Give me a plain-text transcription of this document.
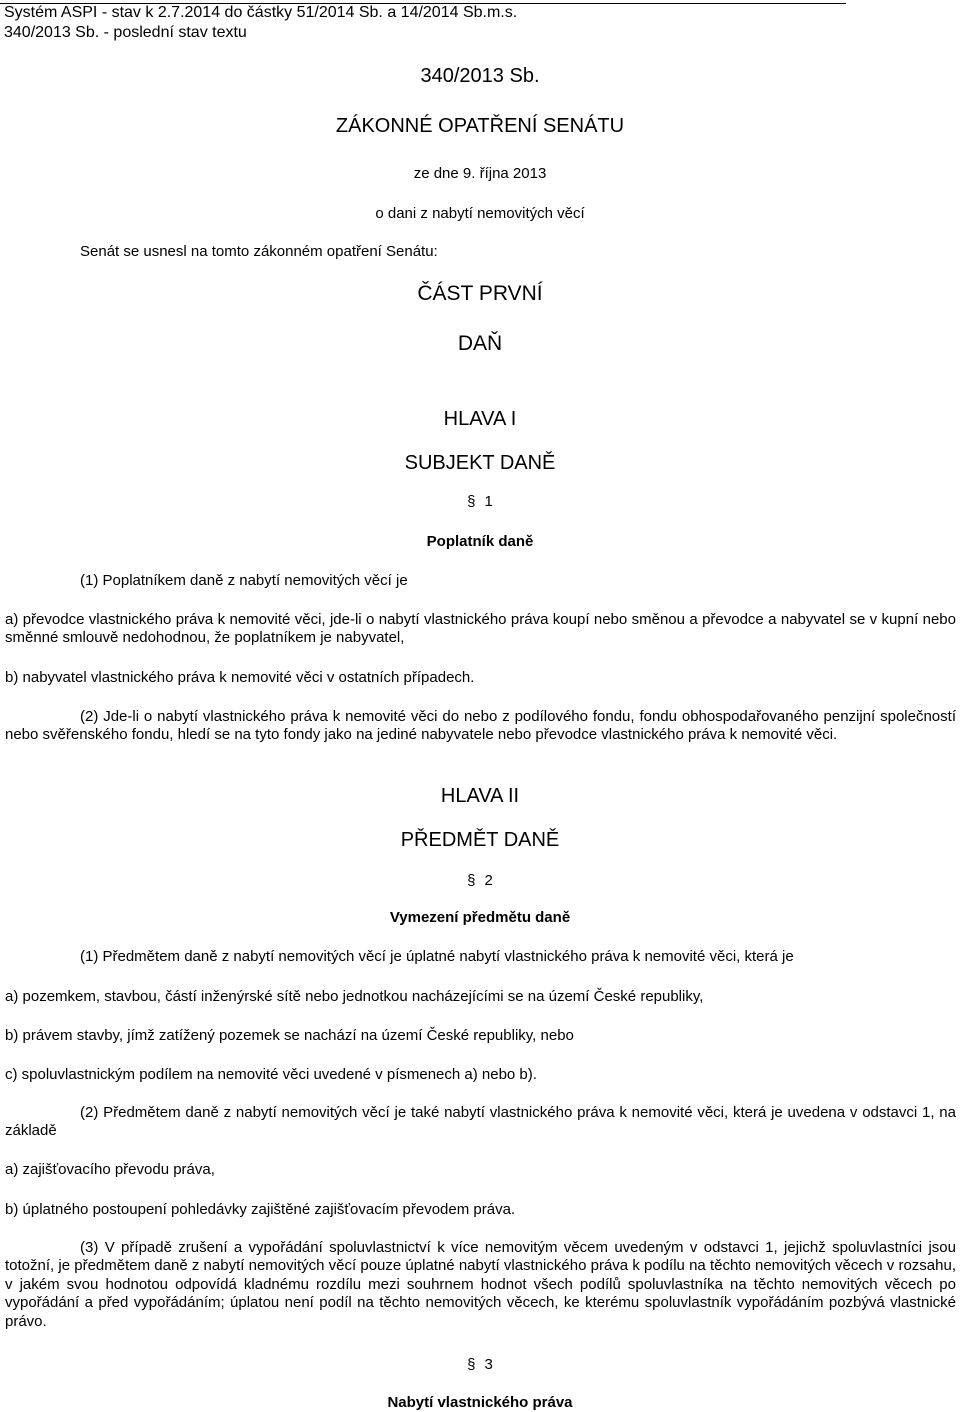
Systém ASPI - stav k 2.7.2014 do částky 51/2014 Sb. a 14/2014 Sb.m.s.
340/2013 Sb. - poslední stav textu
340/2013 Sb.
ZÁKONNÉ OPATŘENÍ SENÁTU
ze dne 9. října 2013
o dani z nabytí nemovitých věcí
Senát se usnesl na tomto zákonném opatření Senátu:
ČÁST PRVNÍ
DAŇ
HLAVA I
SUBJEKT DANĚ
§ 1
Poplatník daně
(1) Poplatníkem daně z nabytí nemovitých věcí je
a) převodce vlastnického práva k nemovité věci, jde-li o nabytí vlastnického práva koupí nebo směnou a převodce a nabyvatel se v kupní nebo směnné smlouvě nedohodnou, že poplatníkem je nabyvatel,
b) nabyvatel vlastnického práva k nemovité věci v ostatních případech.
(2) Jde-li o nabytí vlastnického práva k nemovité věci do nebo z podílového fondu, fondu obhospodařovaného penzijní společností nebo svěřenského fondu, hledí se na tyto fondy jako na jediné nabyvatele nebo převodce vlastnického práva k nemovité věci.
HLAVA II
PŘEDMĚT DANĚ
§ 2
Vymezení předmětu daně
(1) Předmětem daně z nabytí nemovitých věcí je úplatné nabytí vlastnického práva k nemovité věci, která je
a) pozemkem, stavbou, částí inženýrské sítě nebo jednotkou nacházejícími se na území České republiky,
b) právem stavby, jímž zatížený pozemek se nachází na území České republiky, nebo
c) spoluvlastnickým podílem na nemovité věci uvedené v písmenech a) nebo b).
(2) Předmětem daně z nabytí nemovitých věcí je také nabytí vlastnického práva k nemovité věci, která je uvedena v odstavci 1, na základě
a) zajišťovacího převodu práva,
b) úplatného postoupení pohledávky zajištěné zajišťovacím převodem práva.
(3) V případě zrušení a vypořádání spoluvlastnictví k více nemovitým věcem uvedeným v odstavci 1, jejichž spoluvlastníci jsou totožní, je předmětem daně z nabytí nemovitých věcí pouze úplatné nabytí vlastnického práva k podílu na těchto nemovitých věcech v rozsahu, v jakém svou hodnotou odpovídá kladnému rozdílu mezi souhrnem hodnot všech podílů spoluvlastníka na těchto nemovitých věcech po vypořádání a před vypořádáním; úplatou není podíl na těchto nemovitých věcech, ke kterému spoluvlastník vypořádáním pozbývá vlastnické právo.
§ 3
Nabytí vlastnického práva
